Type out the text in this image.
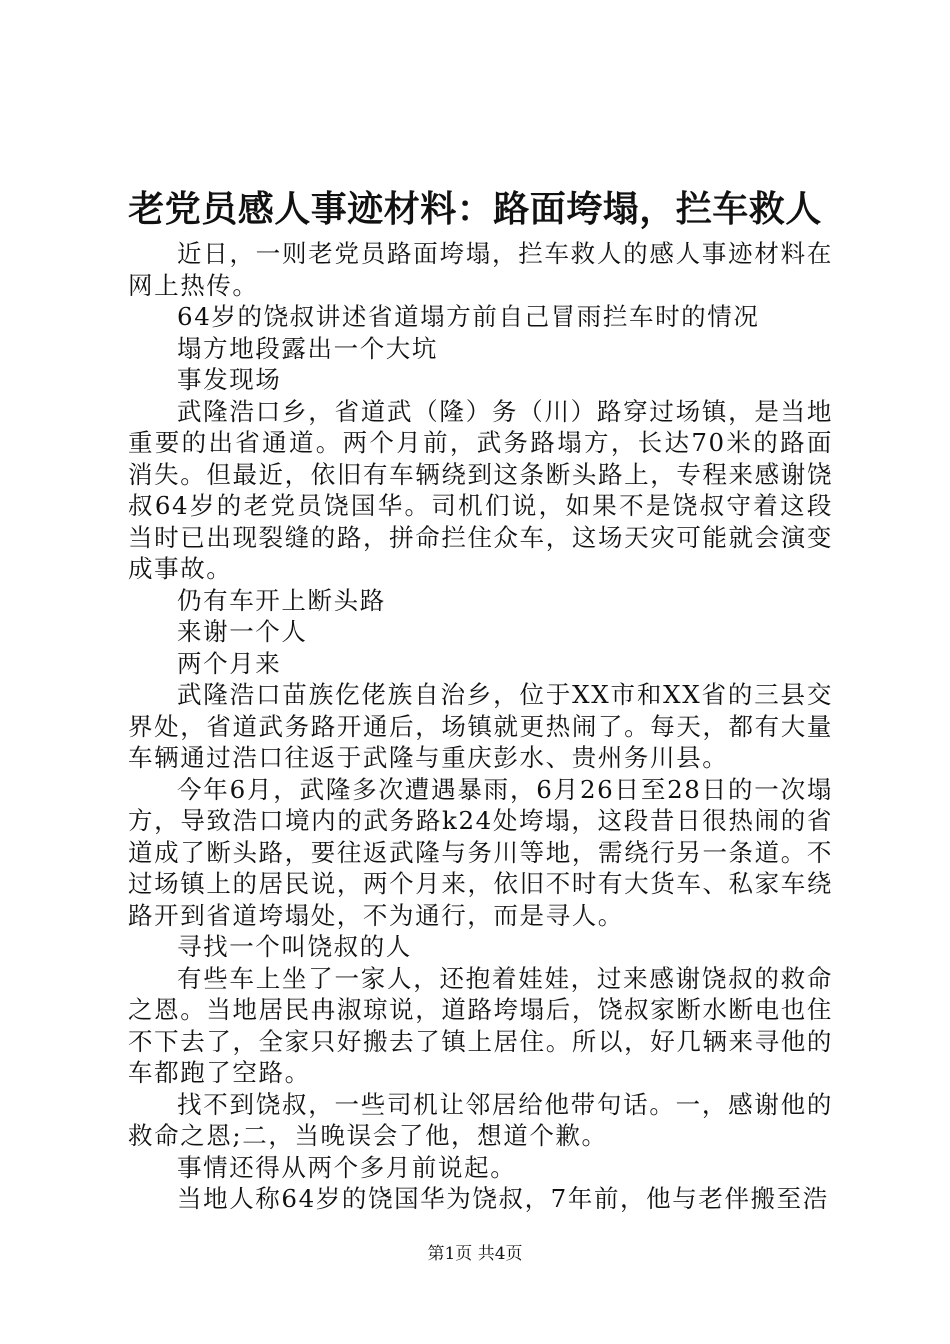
老党员感人事迹材料：路面垮塌，拦车救人

近日，一则老党员路面垮塌，拦车救人的感人事迹材料在网上热传。

64岁的饶叔讲述省道塌方前自己冒雨拦车时的情况

塌方地段露出一个大坑

事发现场

武隆浩口乡，省道武（隆）务（川）路穿过场镇，是当地重要的出省通道。两个月前，武务路塌方，长达70米的路面消失。但最近，依旧有车辆绕到这条断头路上，专程来感谢饶叔64岁的老党员饶国华。司机们说，如果不是饶叔守着这段当时已出现裂缝的路，拼命拦住众车，这场天灾可能就会演变成事故。

仍有车开上断头路

来谢一个人

两个月来

武隆浩口苗族仡佬族自治乡，位于XX市和XX省的三县交界处，省道武务路开通后，场镇就更热闹了。每天，都有大量车辆通过浩口往返于武隆与重庆彭水、贵州务川县。

今年6月，武隆多次遭遇暴雨，6月26日至28日的一次塌方，导致浩口境内的武务路k24处垮塌，这段昔日很热闹的省道成了断头路，要往返武隆与务川等地，需绕行另一条道。不过场镇上的居民说，两个月来，依旧不时有大货车、私家车绕路开到省道垮塌处，不为通行，而是寻人。

寻找一个叫饶叔的人

有些车上坐了一家人，还抱着娃娃，过来感谢饶叔的救命之恩。当地居民冉淑琼说，道路垮塌后，饶叔家断水断电也住不下去了，全家只好搬去了镇上居住。所以，好几辆来寻他的车都跑了空路。

找不到饶叔，一些司机让邻居给他带句话。一，感谢他的救命之恩;二，当晚误会了他，想道个歉。

事情还得从两个多月前说起。

当地人称64岁的饶国华为饶叔，7年前，他与老伴搬至浩

第1页 共4页
